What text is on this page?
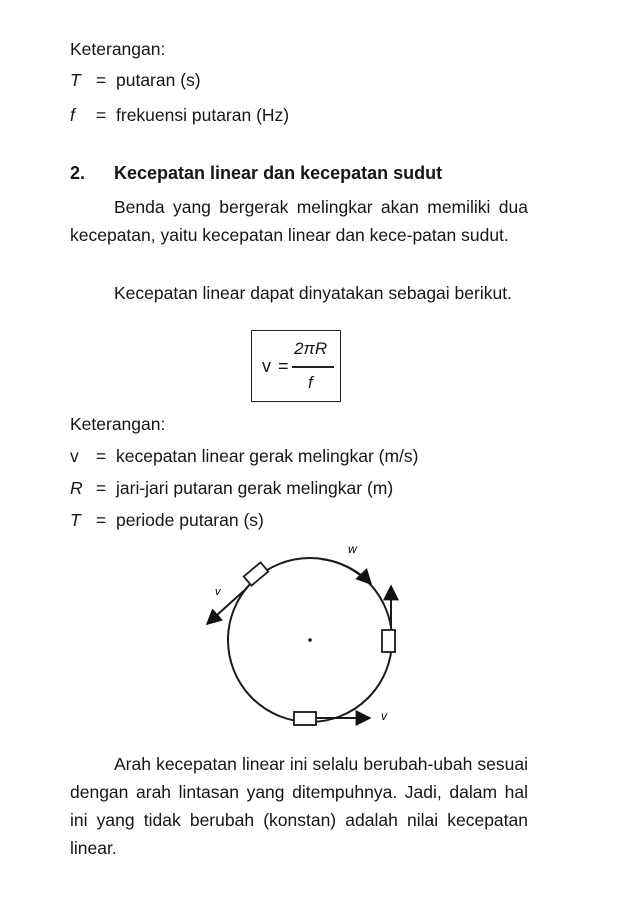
Keterangan:
T = putaran (s)
f = frekuensi putaran (Hz)
2. Kecepatan linear dan kecepatan sudut
Benda yang bergerak melingkar akan memiliki dua kecepatan, yaitu kecepatan linear dan kece-patan sudut.
Kecepatan linear dapat dinyatakan sebagai berikut.
v =
2πR
f
Keterangan:
v = kecepatan linear gerak melingkar (m/s)
R = jari-jari putaran gerak melingkar (m)
T = periode putaran (s)
w
v
v
Arah kecepatan linear ini selalu berubah-ubah sesuai dengan arah lintasan yang ditempuhnya. Jadi, dalam hal ini yang tidak berubah (konstan) adalah nilai kecepatan linear.
